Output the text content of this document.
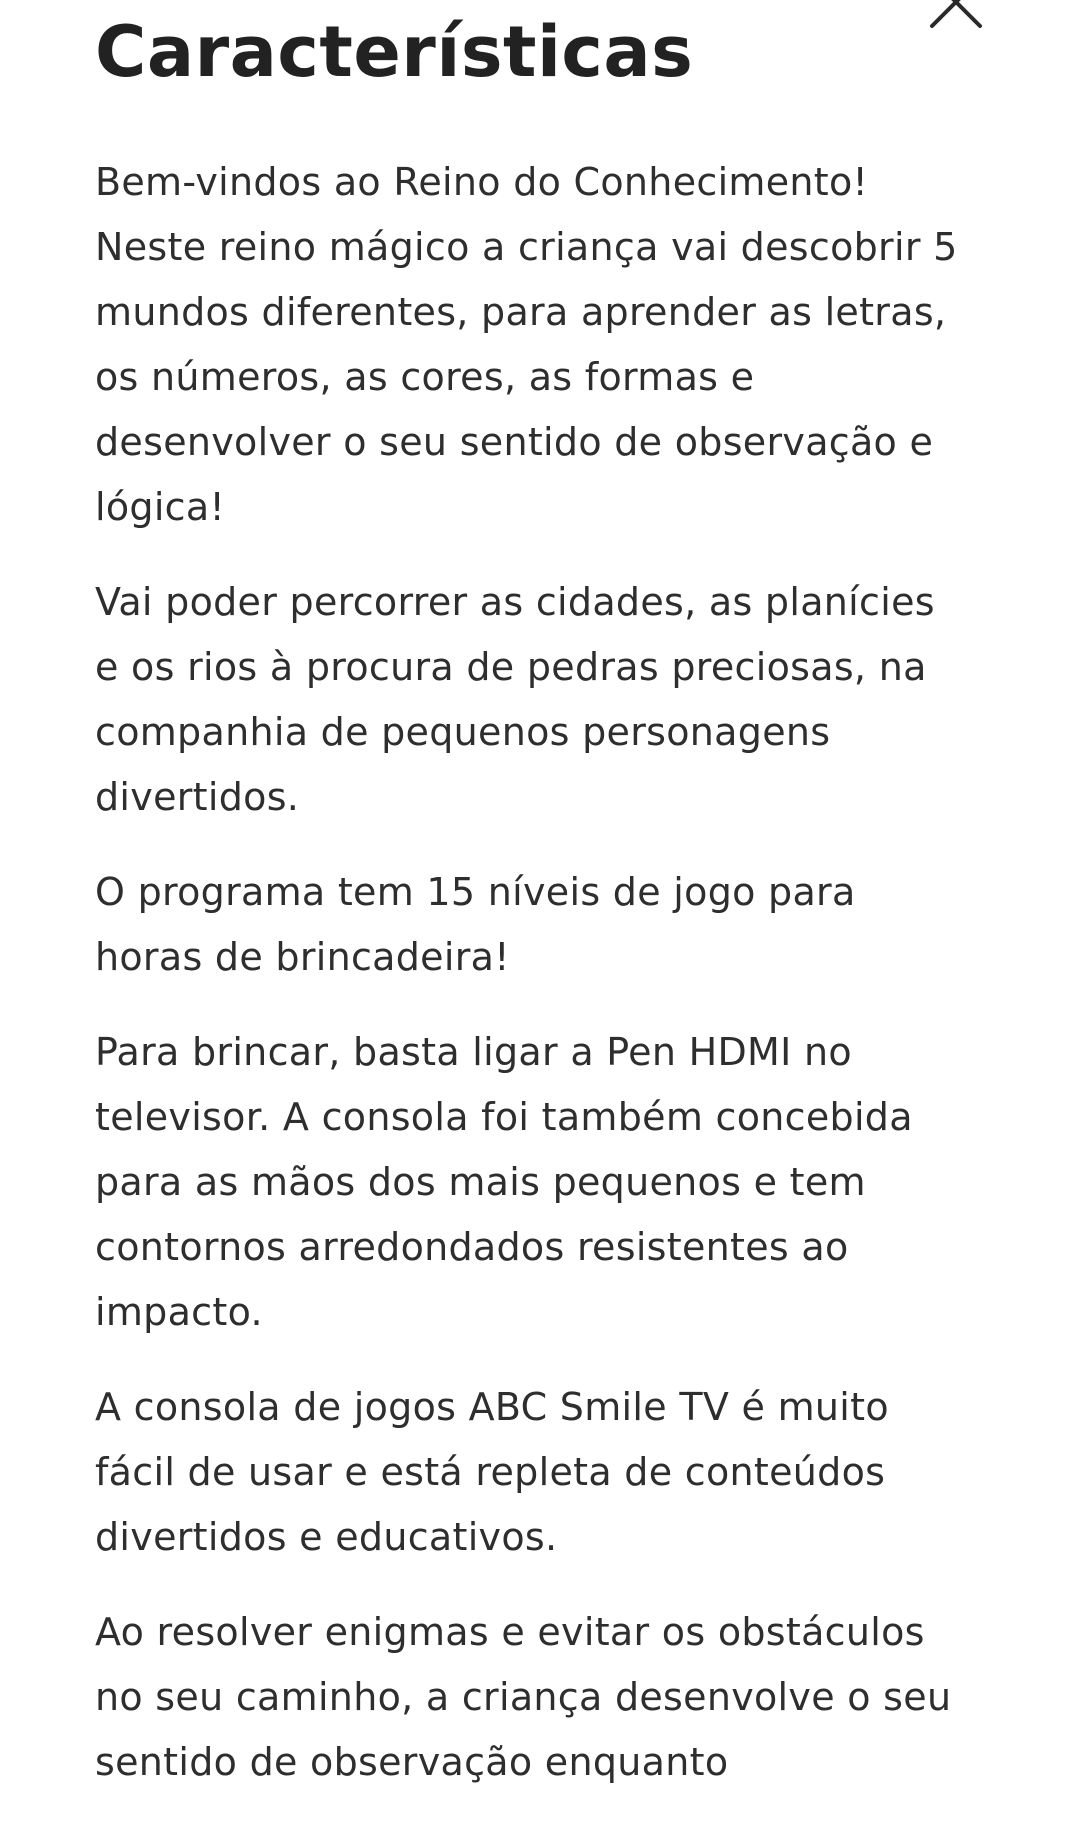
Características

Bem-vindos ao Reino do Conhecimento!
Neste reino mágico a criança vai descobrir 5
mundos diferentes, para aprender as letras,
os números, as cores, as formas e
desenvolver o seu sentido de observação e
lógica!

Vai poder percorrer as cidades, as planícies
e os rios à procura de pedras preciosas, na
companhia de pequenos personagens
divertidos.

O programa tem 15 níveis de jogo para
horas de brincadeira!

Para brincar, basta ligar a Pen HDMI no
televisor. A consola foi também concebida
para as mãos dos mais pequenos e tem
contornos arredondados resistentes ao
impacto.

A consola de jogos ABC Smile TV é muito
fácil de usar e está repleta de conteúdos
divertidos e educativos.

Ao resolver enigmas e evitar os obstáculos
no seu caminho, a criança desenvolve o seu
sentido de observação enquanto
